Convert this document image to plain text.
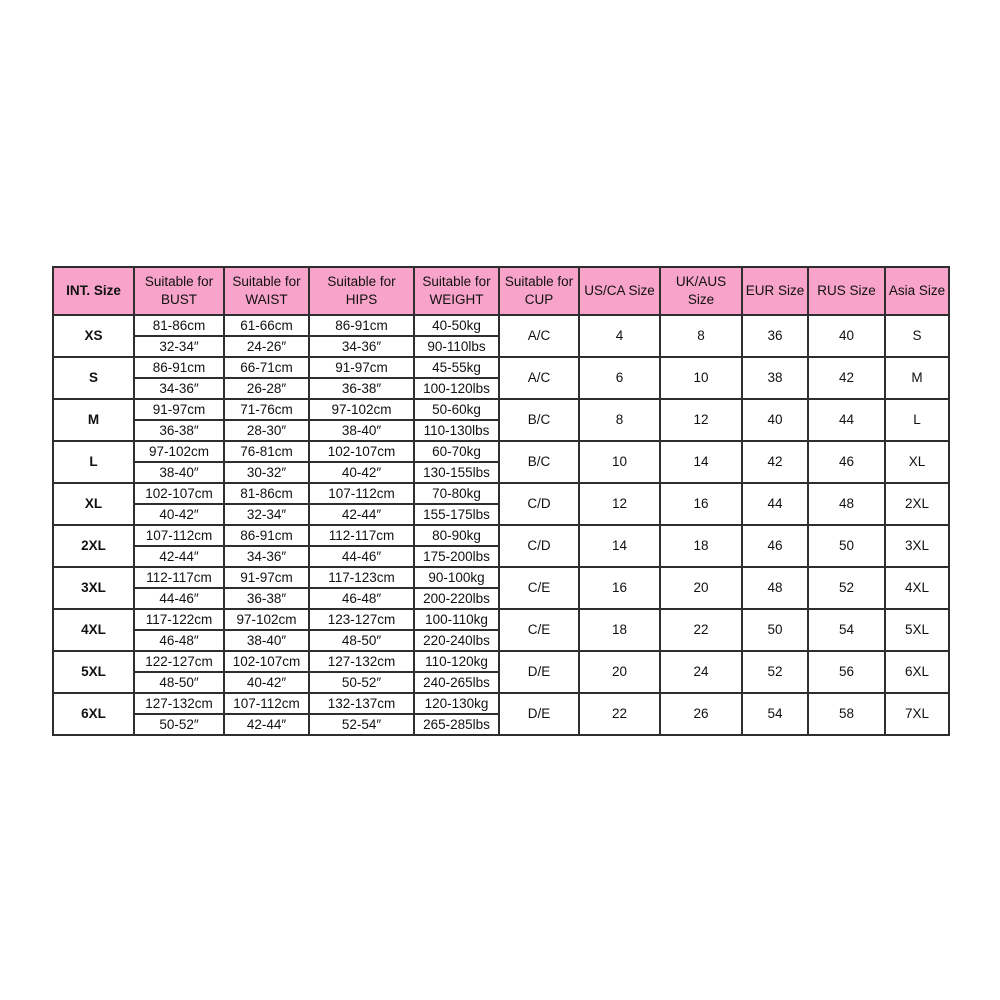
INT. Size	Suitable for BUST	Suitable for WAIST	Suitable for HIPS	Suitable for WEIGHT	Suitable for CUP	US/CA Size	UK/AUS Size	EUR Size	RUS Size	Asia Size
XS	81-86cm	61-66cm	86-91cm	40-50kg	A/C	4	8	36	40	S
	32-34″	24-26″	34-36″	90-110lbs						
S	86-91cm	66-71cm	91-97cm	45-55kg	A/C	6	10	38	42	M
	34-36″	26-28″	36-38″	100-120lbs						
M	91-97cm	71-76cm	97-102cm	50-60kg	B/C	8	12	40	44	L
	36-38″	28-30″	38-40″	110-130lbs						
L	97-102cm	76-81cm	102-107cm	60-70kg	B/C	10	14	42	46	XL
	38-40″	30-32″	40-42″	130-155lbs						
XL	102-107cm	81-86cm	107-112cm	70-80kg	C/D	12	16	44	48	2XL
	40-42″	32-34″	42-44″	155-175lbs						
2XL	107-112cm	86-91cm	112-117cm	80-90kg	C/D	14	18	46	50	3XL
	42-44″	34-36″	44-46″	175-200lbs						
3XL	112-117cm	91-97cm	117-123cm	90-100kg	C/E	16	20	48	52	4XL
	44-46″	36-38″	46-48″	200-220lbs						
4XL	117-122cm	97-102cm	123-127cm	100-110kg	C/E	18	22	50	54	5XL
	46-48″	38-40″	48-50″	220-240lbs						
5XL	122-127cm	102-107cm	127-132cm	110-120kg	D/E	20	24	52	56	6XL
	48-50″	40-42″	50-52″	240-265lbs						
6XL	127-132cm	107-112cm	132-137cm	120-130kg	D/E	22	26	54	58	7XL
	50-52″	42-44″	52-54″	265-285lbs						
